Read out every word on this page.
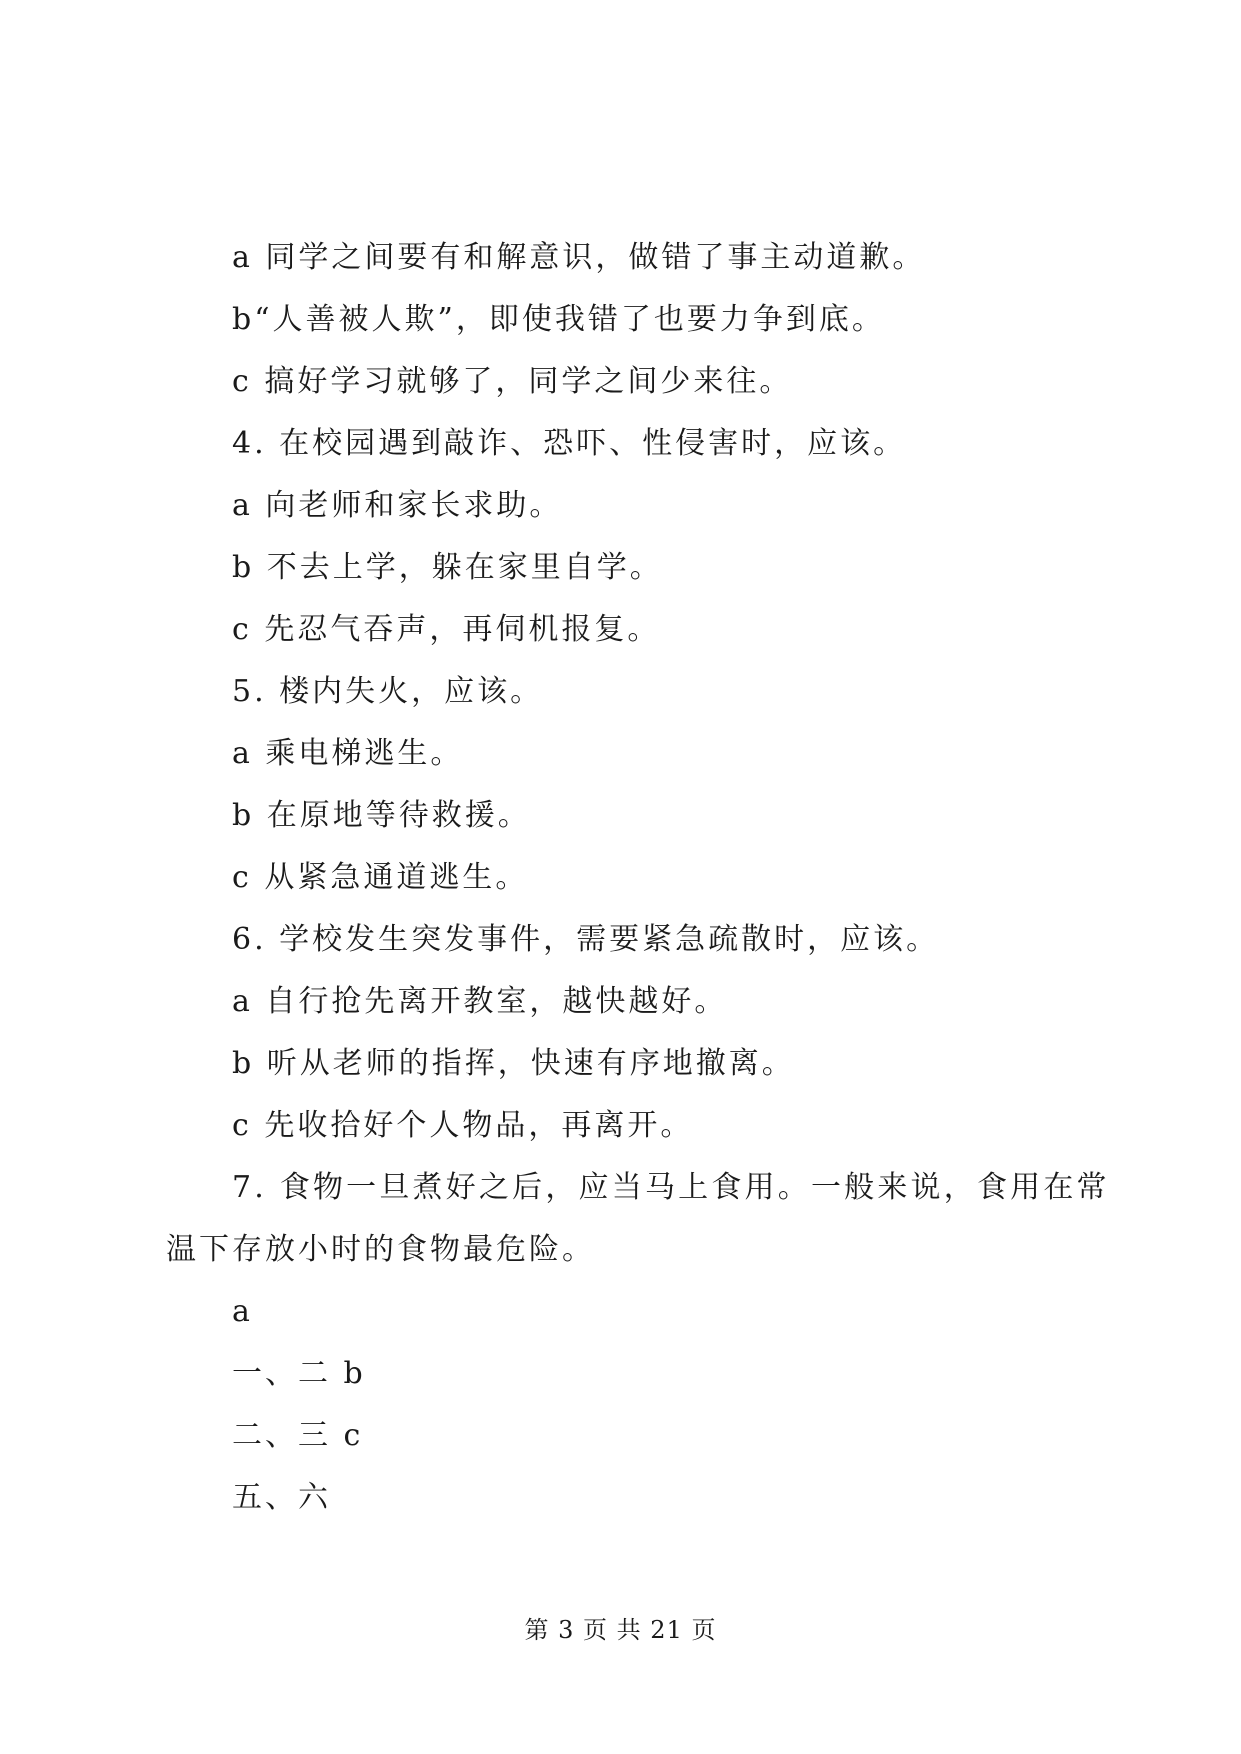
a 同学之间要有和解意识，做错了事主动道歉。
b“人善被人欺”，即使我错了也要力争到底。
c 搞好学习就够了，同学之间少来往。
4. 在校园遇到敲诈、恐吓、性侵害时，应该。
a 向老师和家长求助。
b 不去上学，躲在家里自学。
c 先忍气吞声，再伺机报复。
5. 楼内失火，应该。
a 乘电梯逃生。
b 在原地等待救援。
c 从紧急通道逃生。
6. 学校发生突发事件，需要紧急疏散时，应该。
a 自行抢先离开教室，越快越好。
b 听从老师的指挥，快速有序地撤离。
c 先收拾好个人物品，再离开。
7. 食物一旦煮好之后，应当马上食用。一般来说，食用在常
温下存放小时的食物最危险。
a
一、二 b
二、三 c
五、六
第 3 页 共 21 页
